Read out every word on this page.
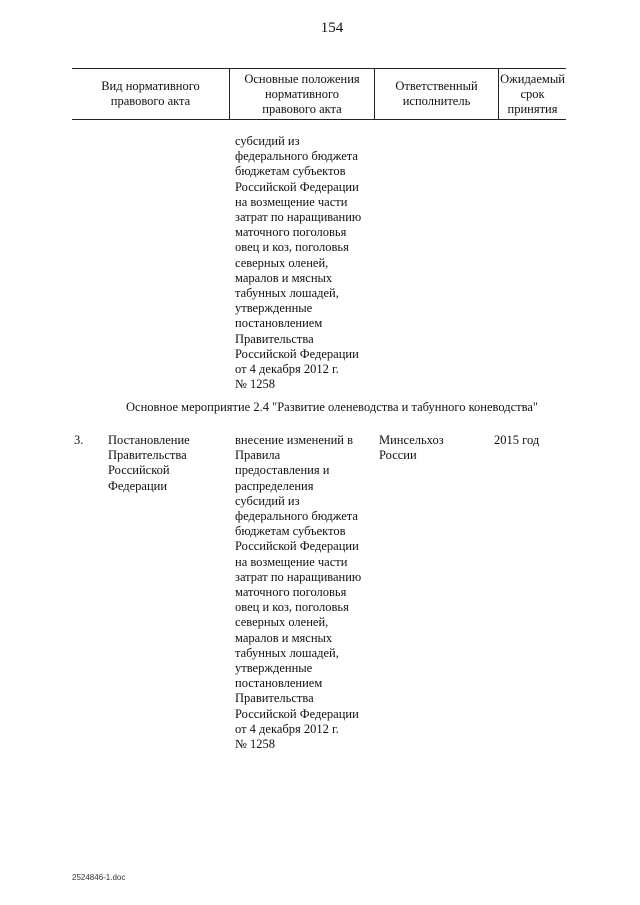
154
Вид нормативного
правового акта
Основные положения
нормативного
правового акта
Ответственный
исполнитель
Ожидаемый
срок
принятия
субсидий из
федерального бюджета
бюджетам субъектов
Российской Федерации
на возмещение части
затрат по наращиванию
маточного поголовья
овец и коз, поголовья
северных оленей,
маралов и мясных
табунных лошадей,
утвержденные
постановлением
Правительства
Российской Федерации
от 4 декабря 2012 г.
№ 1258
Основное мероприятие 2.4 "Развитие оленеводства и табунного коневодства"
3.	Постановление
Правительства
Российской
Федерации
внесение изменений в
Правила
предоставления и
распределения
субсидий из
федерального бюджета
бюджетам субъектов
Российской Федерации
на возмещение части
затрат по наращиванию
маточного поголовья
овец и коз, поголовья
северных оленей,
маралов и мясных
табунных лошадей,
утвержденные
постановлением
Правительства
Российской Федерации
от 4 декабря 2012 г.
№ 1258
Минсельхоз
России
2015 год
2524846-1.doc
